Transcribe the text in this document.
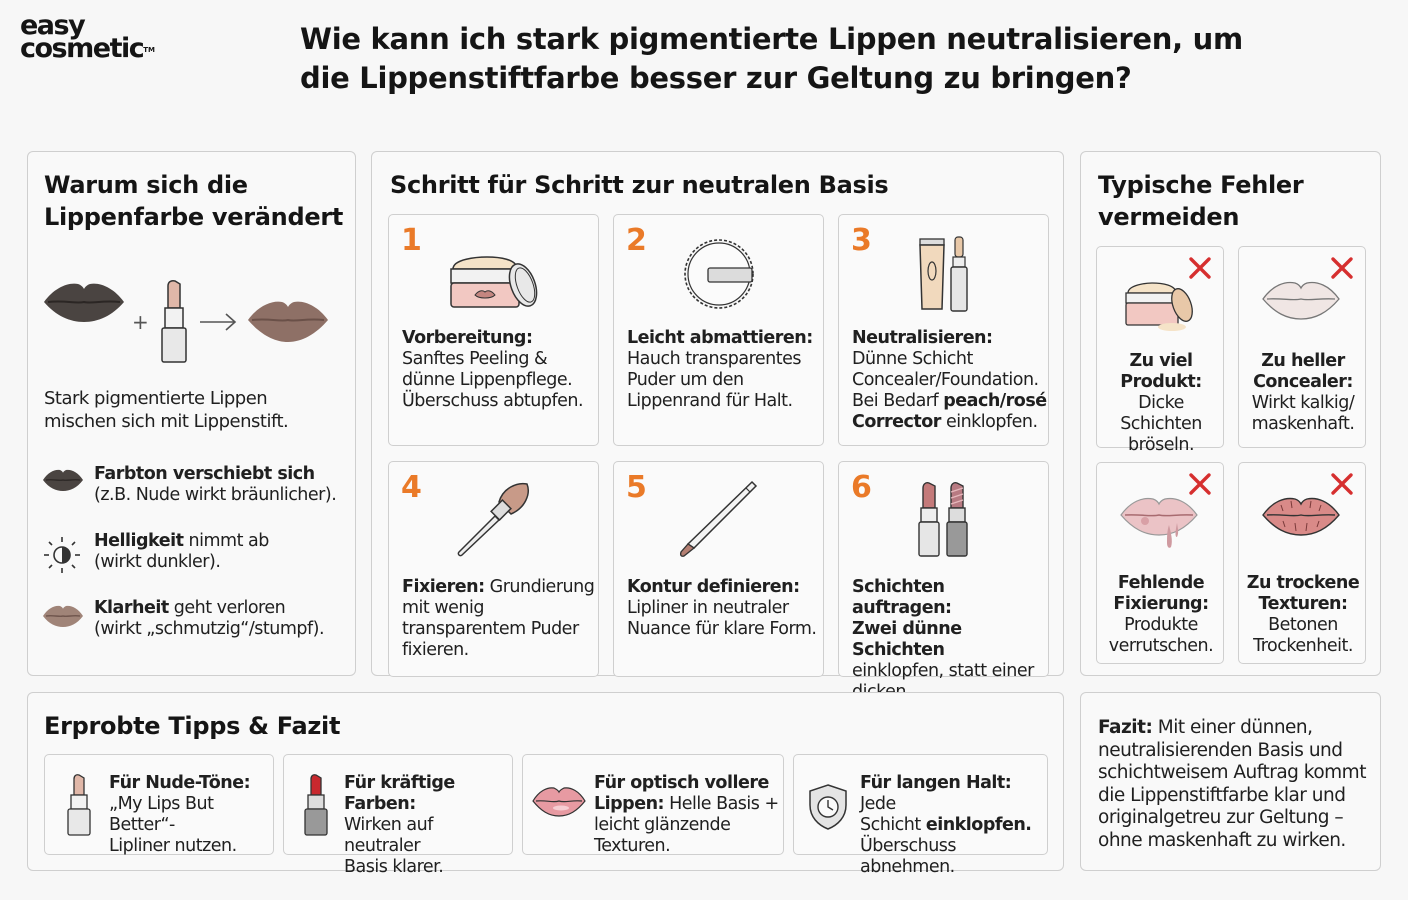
easy
cosmetic™	Wie kann ich stark pigmentierte Lippen neutralisieren, um
die Lippenstiftfarbe besser zur Geltung zu bringen?
Warum sich die
Lippenfarbe verändert
+
Stark pigmentierte Lippen
mischen sich mit Lippenstift.
Farbton verschiebt sich
(z.B. Nude wirkt bräunlicher).
Helligkeit nimmt ab
(wirkt dunkler).
Klarheit geht verloren
(wirkt „schmutzig“/stumpf).
Schritt für Schritt zur neutralen Basis
1
Vorbereitung:
Sanftes Peeling &
dünne Lippenpflege.
Überschuss abtupfen.
2
Leicht abmattieren:
Hauch transparentes
Puder um den
Lippenrand für Halt.
3
Neutralisieren:
Dünne Schicht
Concealer/Foundation.
Bei Bedarf peach/rosé
Corrector einklopfen.
4
Fixieren: Grundierung
mit wenig
transparentem Puder
fixieren.
5
Kontur definieren:
Lipliner in neutraler
Nuance für klare Form.
6
Schichten auftragen:
Zwei dünne Schichten
einklopfen, statt einer
Typische Fehler
vermeiden
Zu viel
Produkt:
Dicke Schichten
bröseln.
Zu heller
Concealer:
Wirkt kalkig/
maskenhaft.
Fehlende
Fixierung:
Produkte
verrutschen.
Zu trockene
Texturen:
Betonen
Trockenheit.
Erprobte Tipps & Fazit
Für Nude-Töne:
„My Lips But Better“-
Lipliner nutzen.
Für kräftige Farben:
Wirken auf neutraler
Basis klarer.
Für optisch vollere
Lippen: Helle Basis +
leicht glänzende Texturen.
Für langen Halt: Jede
Schicht einklopfen.
Überschuss abnehmen.
Fazit: Mit einer dünnen,
neutralisierenden Basis und
schichtweisem Auftrag kommt
die Lippenstiftfarbe klar und
originalgetreu zur Geltung –
ohne maskenhaft zu wirken.
